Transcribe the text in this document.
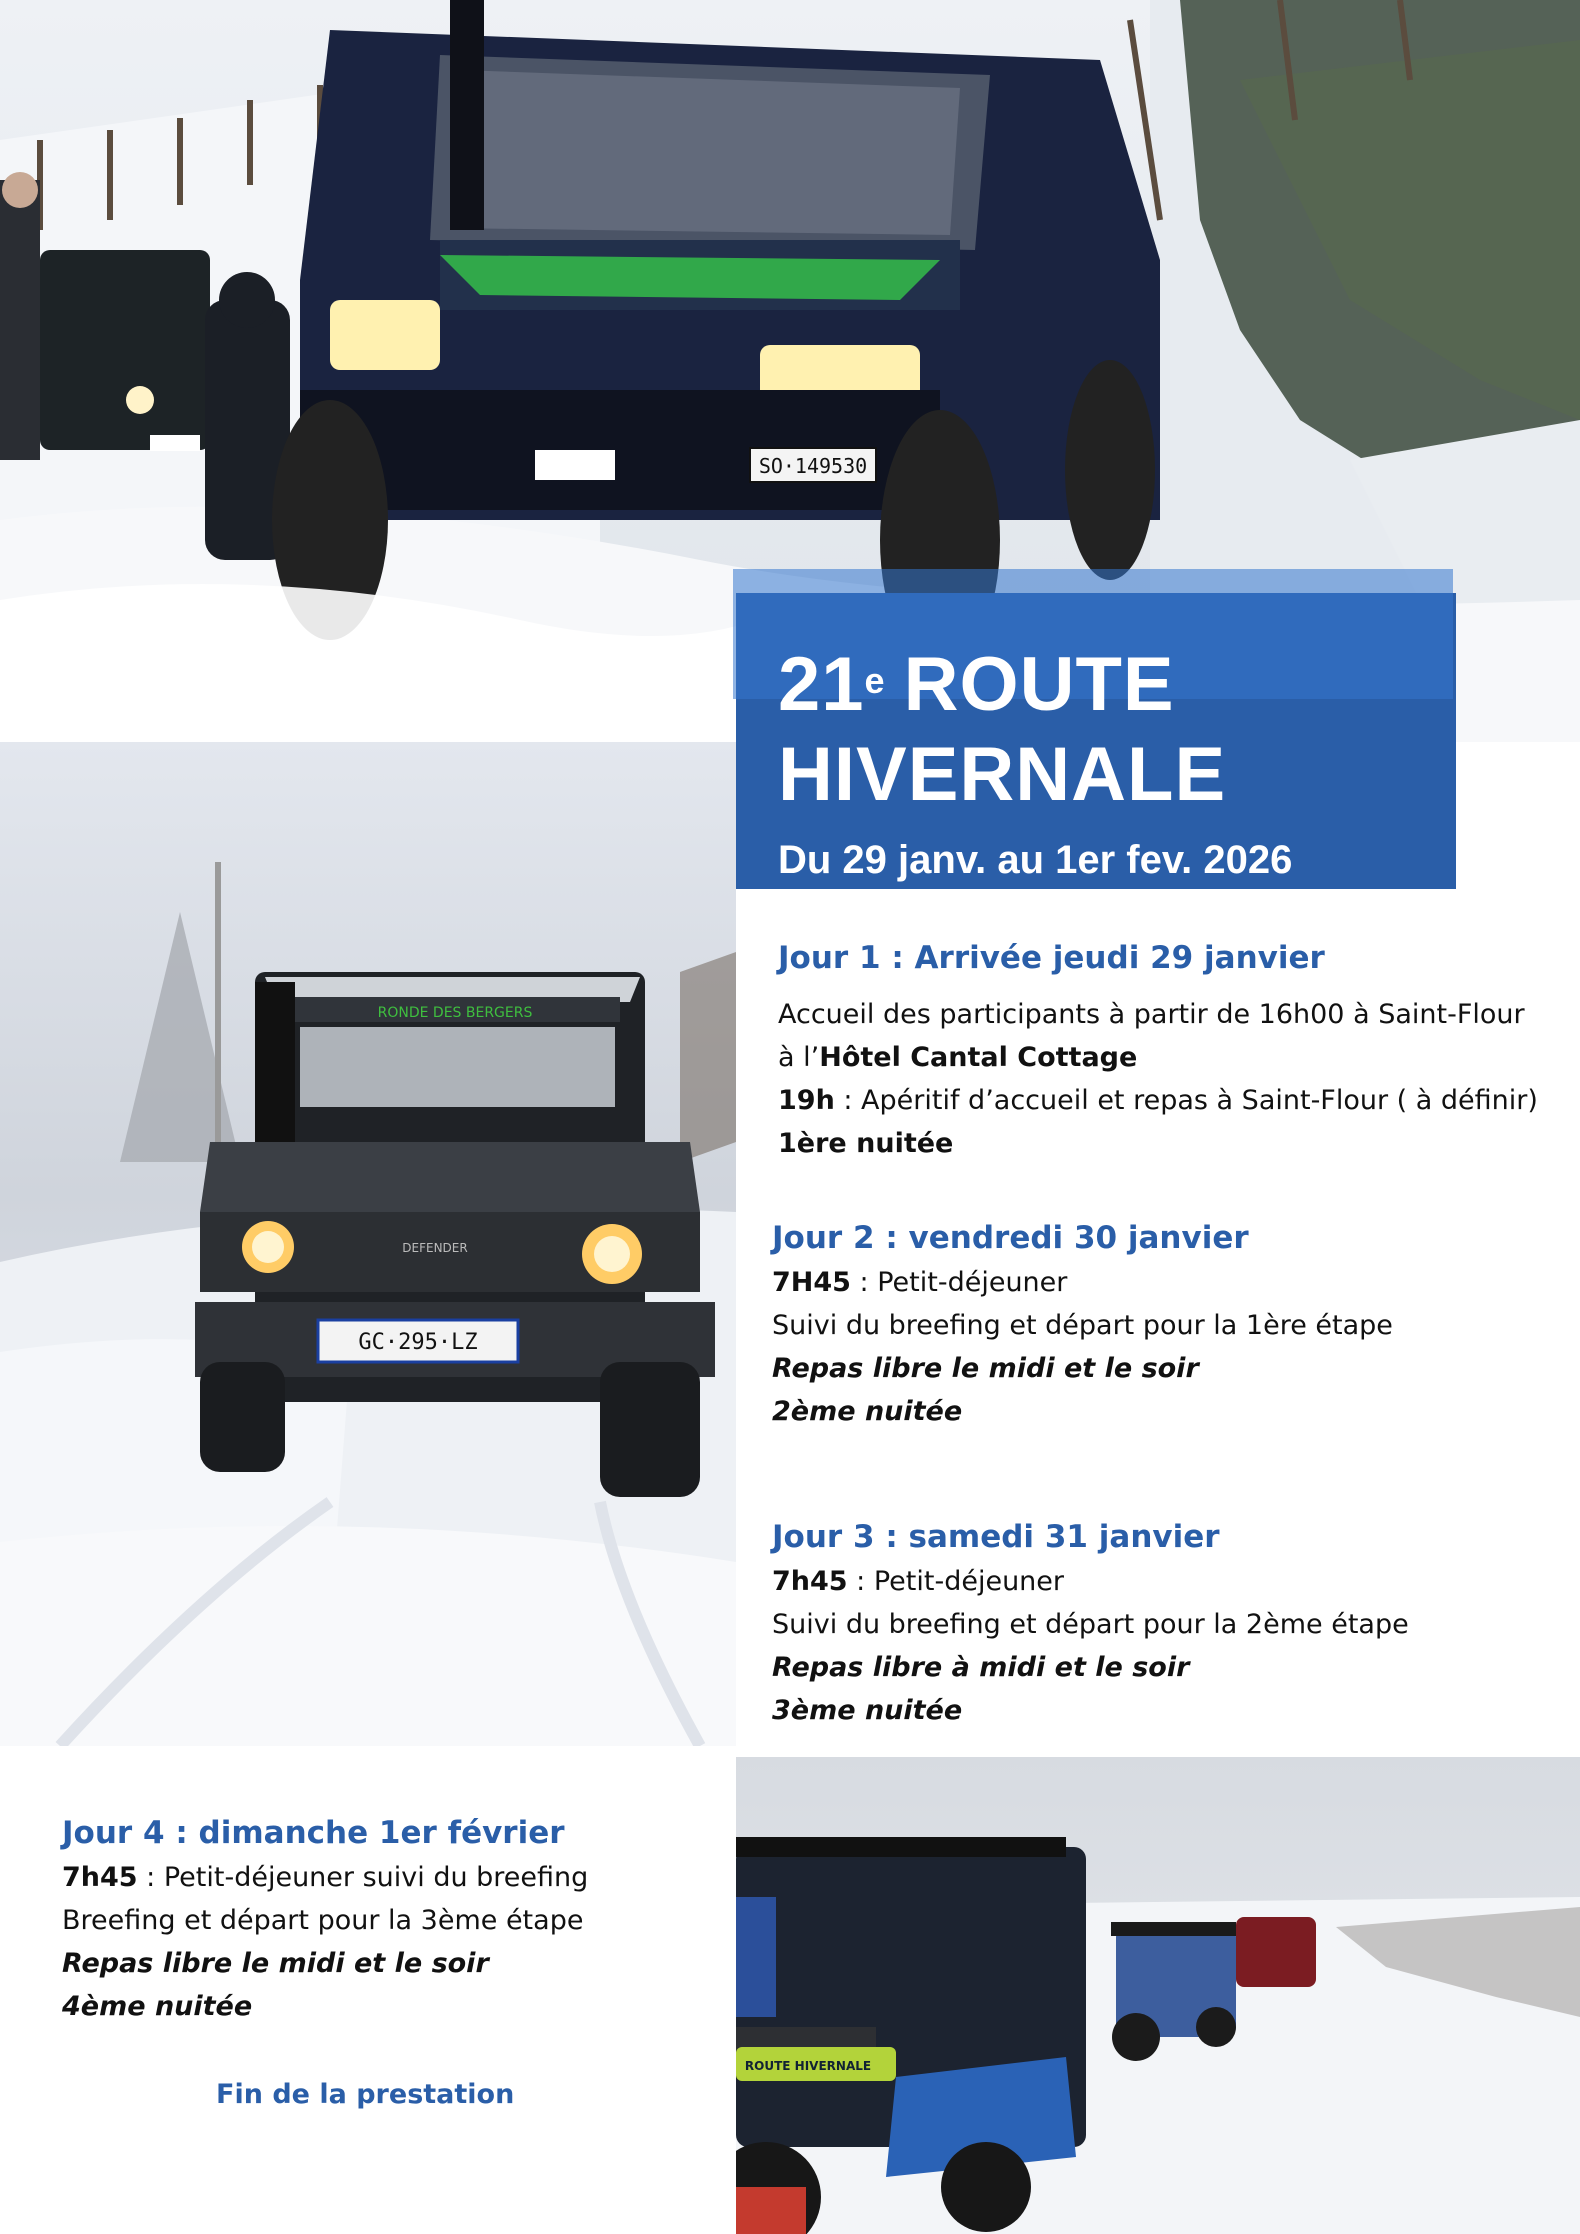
SO·149530
RONDE DES BERGERS
DEFENDER
GC·295·LZ
ROUTE HIVERNALE
21e ROUTE
HIVERNALE
Du 29 janv. au 1er fev. 2026
Jour 1 : Arrivée jeudi 29 janvier
Accueil des participants à partir de 16h00 à Saint-Flour
à l’Hôtel Cantal Cottage
19h : Apéritif d’accueil et repas à Saint-Flour ( à définir)
1ère nuitée
Jour 2 : vendredi 30 janvier
7H45 : Petit-déjeuner
Suivi du breefing et départ pour la 1ère étape
Repas libre le midi et le soir
2ème nuitée
Jour 3 : samedi 31 janvier
7h45 : Petit-déjeuner
Suivi du breefing et départ pour la 2ème étape
Repas libre à midi et le soir
3ème nuitée
Jour 4 : dimanche 1er février
7h45 : Petit-déjeuner suivi du breefing
Breefing et départ pour la 3ème étape
Repas libre le midi et le soir
4ème nuitée
Fin de la prestation
